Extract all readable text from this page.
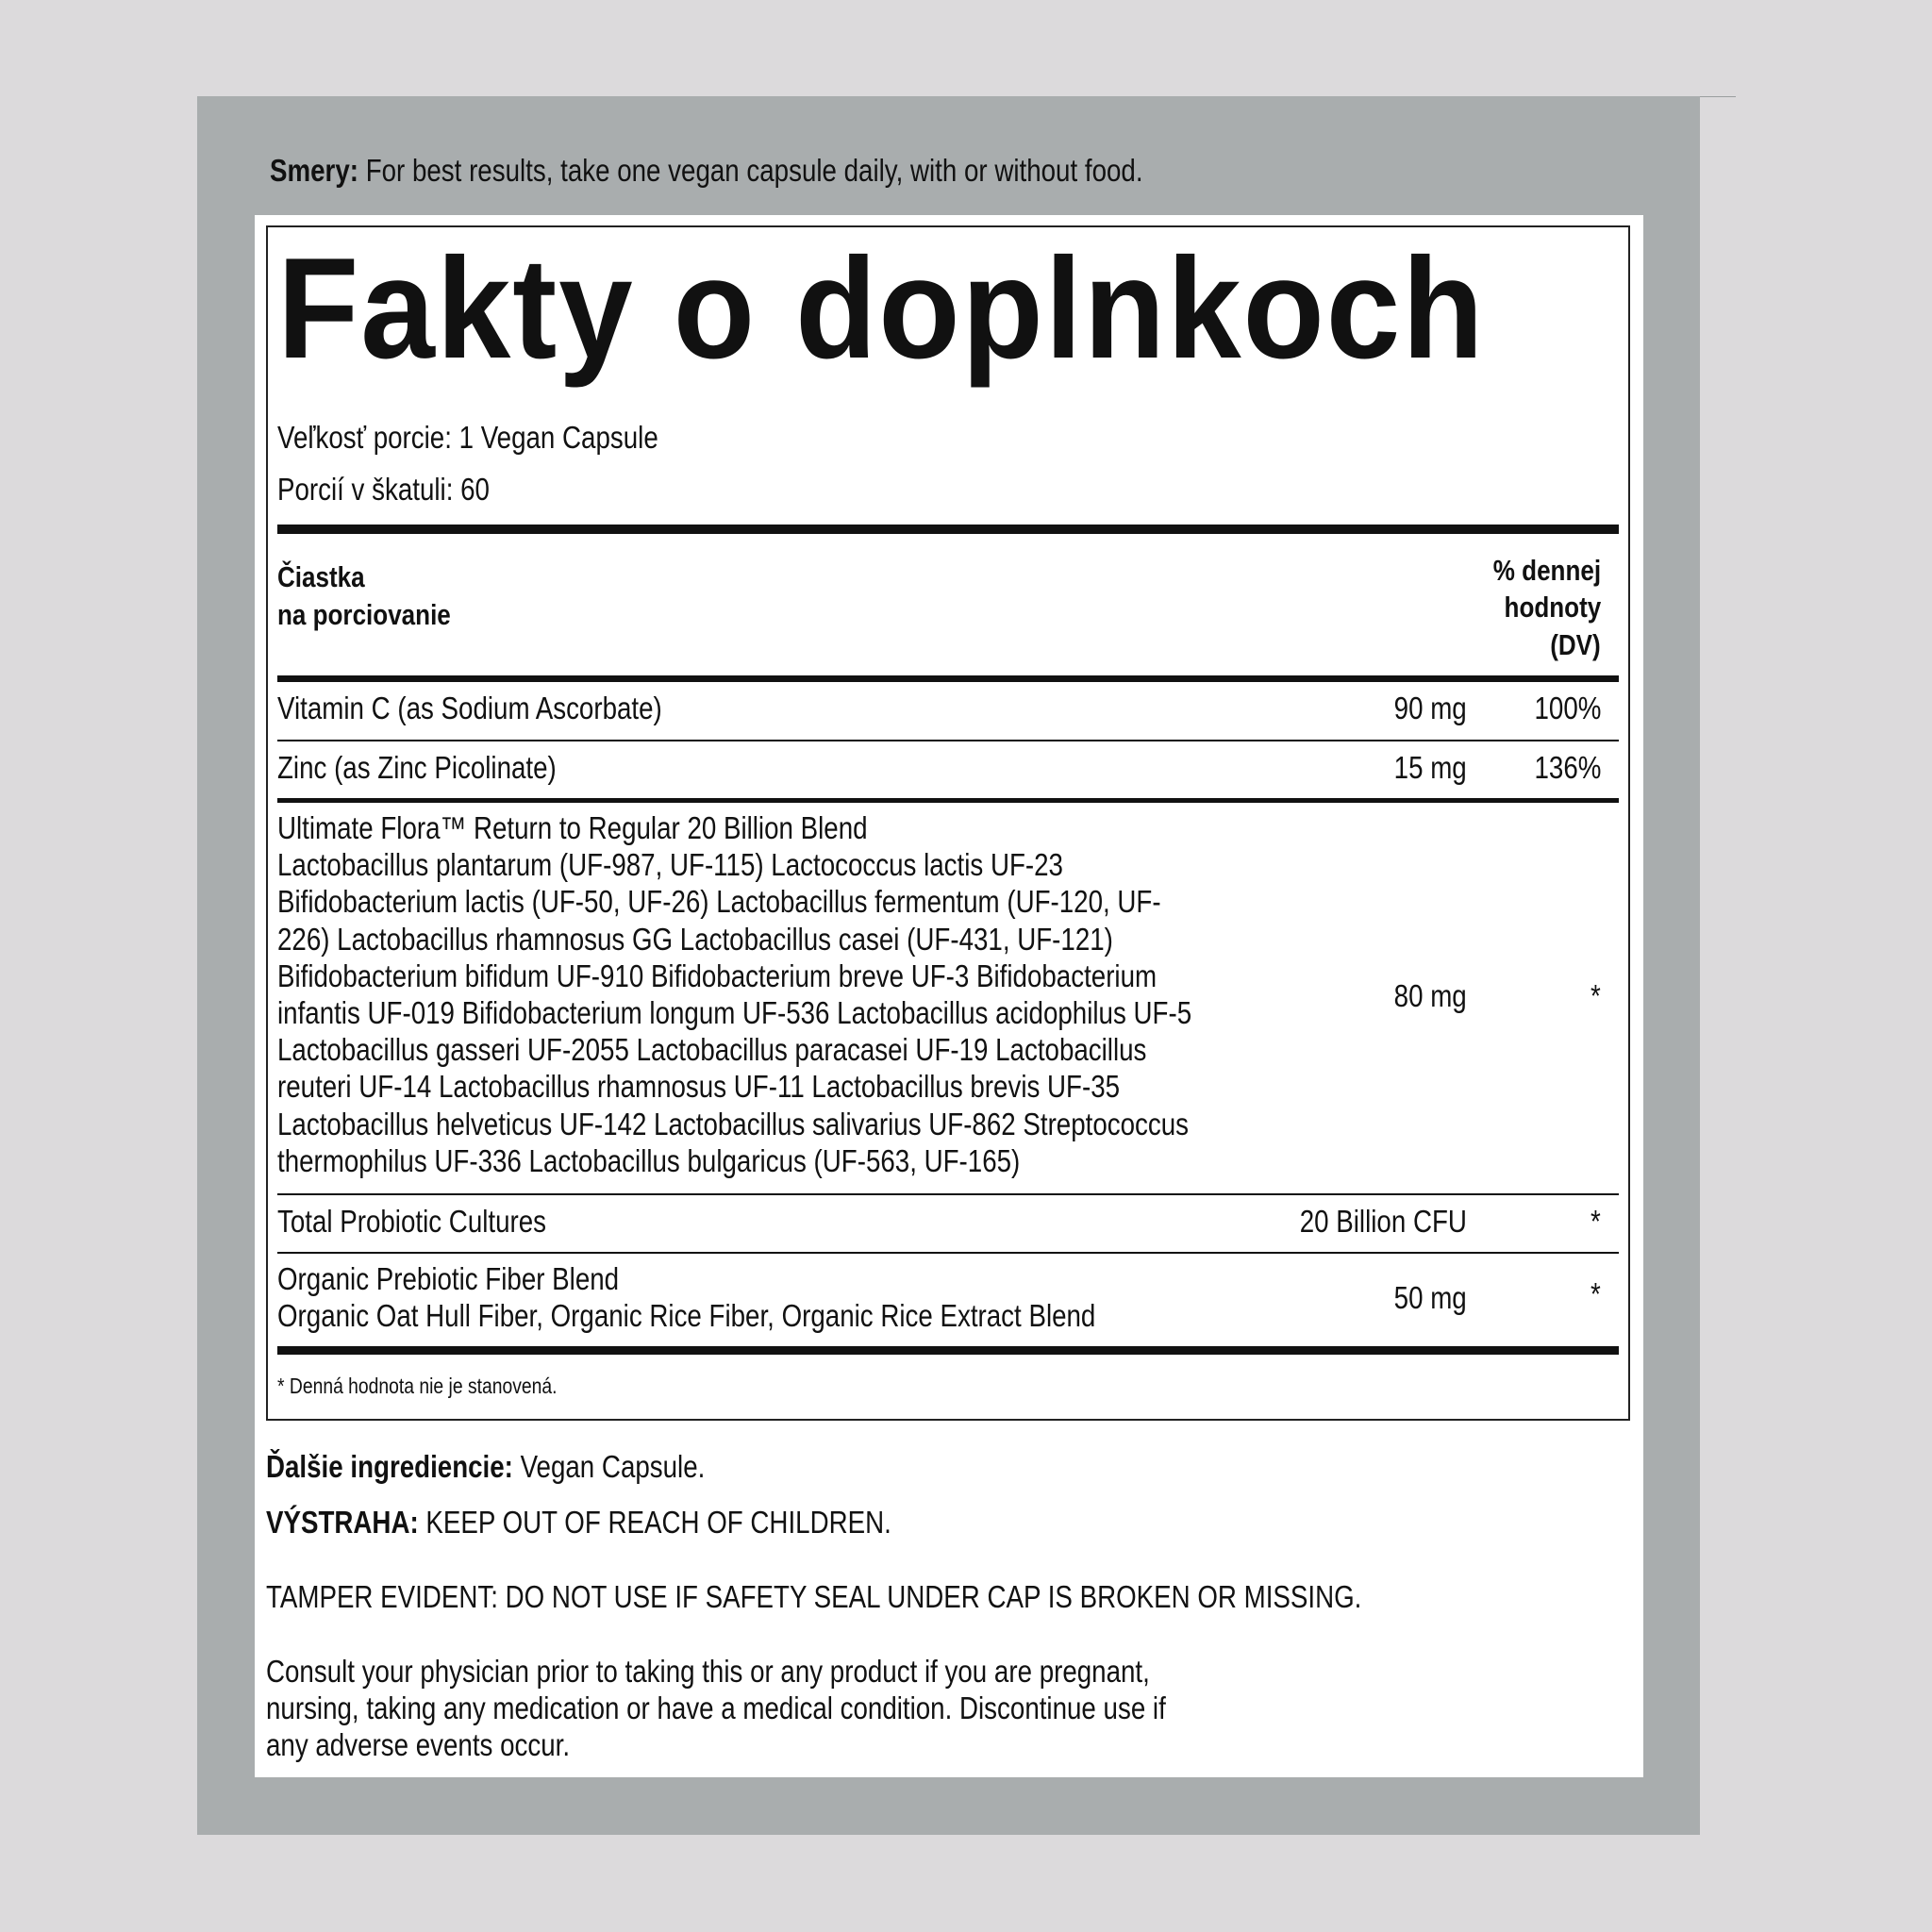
Smery: For best results, take one vegan capsule daily, with or without food.
Fakty o doplnkoch
Veľkosť porcie: 1 Vegan Capsule
Porcií v škatuli: 60
Čiastka
na porciovanie
% dennej
hodnoty
(DV)
Vitamin C (as Sodium Ascorbate)	90 mg 100%
Zinc (as Zinc Picolinate)	15 mg 136%
Ultimate Flora™ Return to Regular 20 Billion Blend
Lactobacillus plantarum (UF-987, UF-115) Lactococcus lactis UF-23
Bifidobacterium lactis (UF-50, UF-26) Lactobacillus fermentum (UF-120, UF-
226) Lactobacillus rhamnosus GG Lactobacillus casei (UF-431, UF-121)
Bifidobacterium bifidum UF-910 Bifidobacterium breve UF-3 Bifidobacterium
infantis UF-019 Bifidobacterium longum UF-536 Lactobacillus acidophilus UF-5
Lactobacillus gasseri UF-2055 Lactobacillus paracasei UF-19 Lactobacillus
reuteri UF-14 Lactobacillus rhamnosus UF-11 Lactobacillus brevis UF-35
Lactobacillus helveticus UF-142 Lactobacillus salivarius UF-862 Streptococcus
thermophilus UF-336 Lactobacillus bulgaricus (UF-563, UF-165)
80 mg	*
Total Probiotic Cultures	20 Billion CFU	*
Organic Prebiotic Fiber Blend
Organic Oat Hull Fiber, Organic Rice Fiber, Organic Rice Extract Blend
50 mg	*
* Denná hodnota nie je stanovená.
Ďalšie ingrediencie: Vegan Capsule.
VÝSTRAHA: KEEP OUT OF REACH OF CHILDREN.
TAMPER EVIDENT: DO NOT USE IF SAFETY SEAL UNDER CAP IS BROKEN OR MISSING.
Consult your physician prior to taking this or any product if you are pregnant,
nursing, taking any medication or have a medical condition. Discontinue use if
any adverse events occur.
